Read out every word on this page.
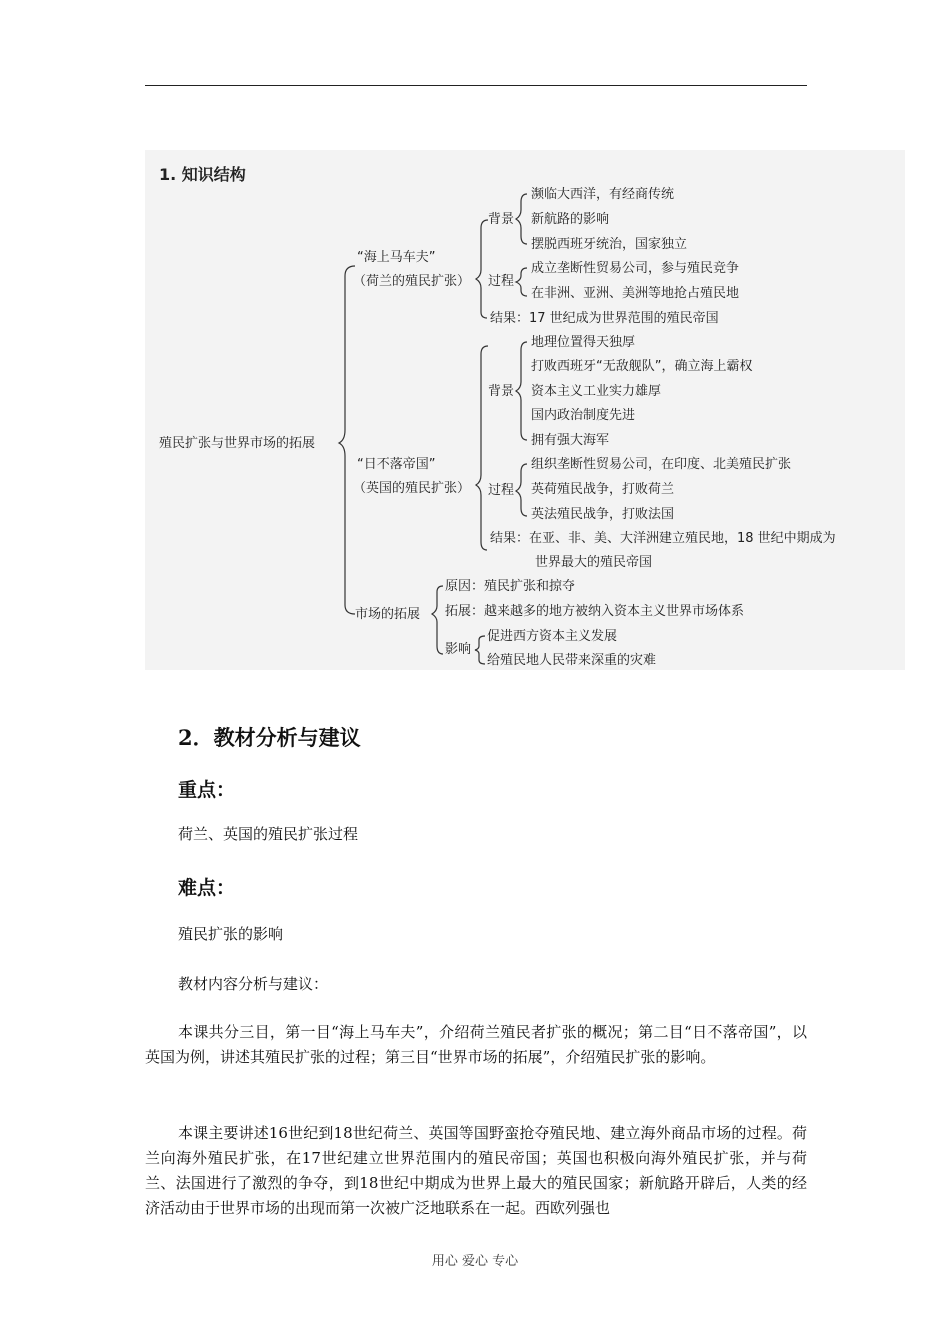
1. 知识结构
殖民扩张与世界市场的拓展
“海上马车夫”
（荷兰的殖民扩张）
背景
濒临大西洋，有经商传统
新航路的影响
摆脱西班牙统治，国家独立
过程
成立垄断性贸易公司，参与殖民竞争
在非洲、亚洲、美洲等地抢占殖民地
结果：17 世纪成为世界范围的殖民帝国
“日不落帝国”
（英国的殖民扩张）
背景
地理位置得天独厚
打败西班牙“无敌舰队”，确立海上霸权
资本主义工业实力雄厚
国内政治制度先进
拥有强大海军
过程
组织垄断性贸易公司，在印度、北美殖民扩张
英荷殖民战争，打败荷兰
英法殖民战争，打败法国
结果：在亚、非、美、大洋洲建立殖民地，18 世纪中期成为
世界最大的殖民帝国
市场的拓展
原因：殖民扩张和掠夺
拓展：越来越多的地方被纳入资本主义世界市场体系
影响
促进西方资本主义发展
给殖民地人民带来深重的灾难
2．教材分析与建议
重点：
荷兰、英国的殖民扩张过程
难点：
殖民扩张的影响
教材内容分析与建议：
本课共分三目，第一目“海上马车夫”，介绍荷兰殖民者扩张的概况；第二目“日不落帝国”，以英国为例，讲述其殖民扩张的过程；第三目“世界市场的拓展”，介绍殖民扩张的影响。
本课主要讲述16世纪到18世纪荷兰、英国等国野蛮抢夺殖民地、建立海外商品市场的过程。荷兰向海外殖民扩张，在17世纪建立世界范围内的殖民帝国；英国也积极向海外殖民扩张，并与荷兰、法国进行了激烈的争夺，到18世纪中期成为世界上最大的殖民国家；新航路开辟后，人类的经济活动由于世界市场的出现而第一次被广泛地联系在一起。西欧列强也
用心 爱心 专心
